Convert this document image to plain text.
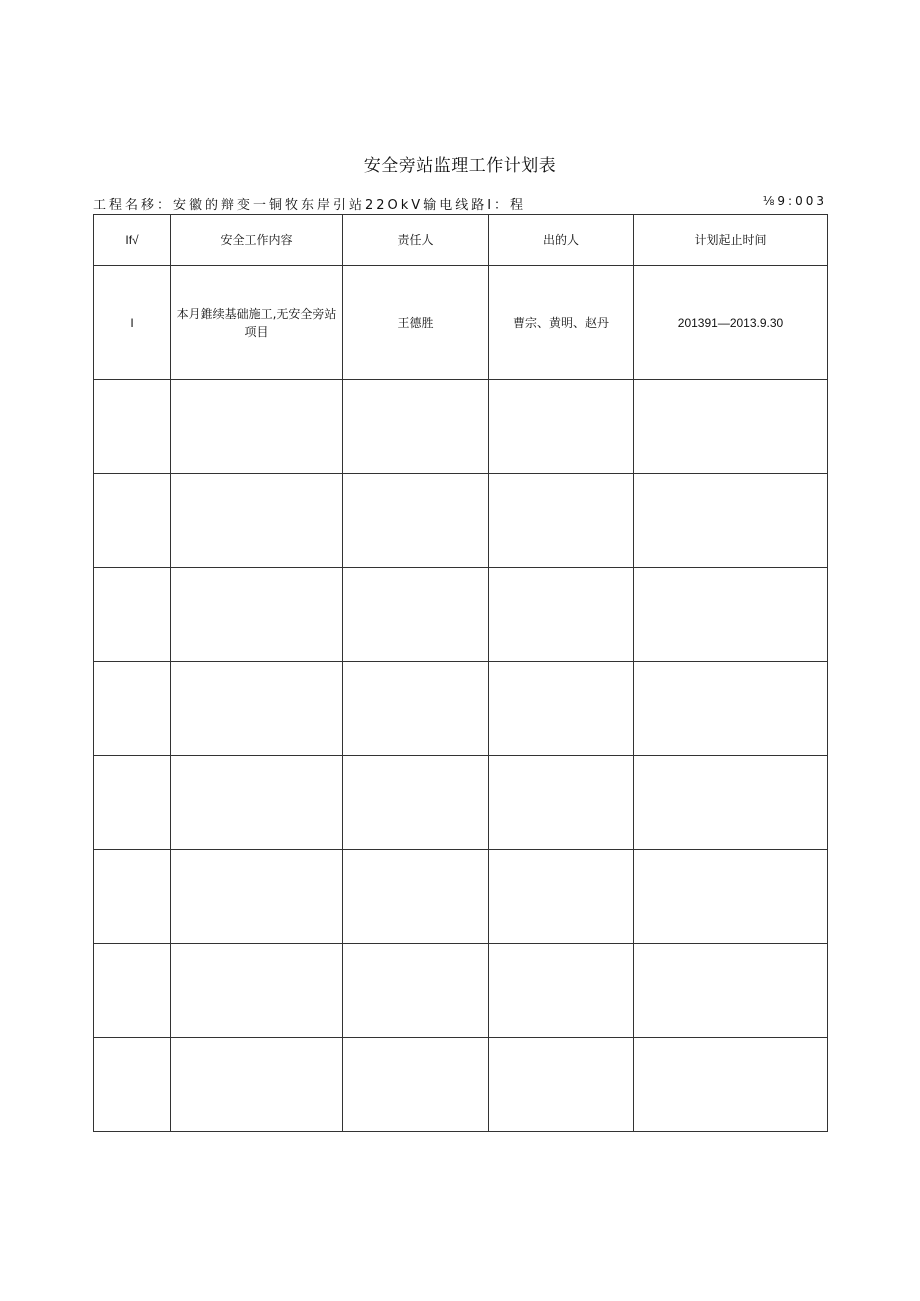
安全旁站监理工作计划表
工程名移：安徽的辩变一铜牧东岸引站22OkV输电线路I：程	⅛9:003
If√	安全工作内容	责任人	出的人	计划起止时间
I	本月錐续基础施工,无安全旁站项目	王德胜	曹宗、黄明、赵丹	201391—2013.9.30
